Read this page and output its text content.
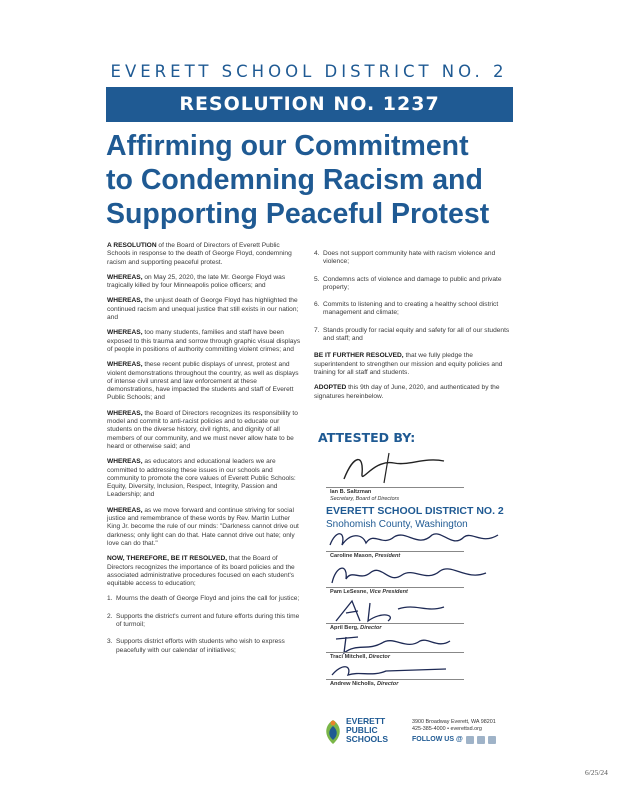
EVERETT SCHOOL DISTRICT NO. 2
RESOLUTION NO. 1237
Affirming our Commitment
to Condemning Racism and
Supporting Peaceful Protest

A RESOLUTION of the Board of Directors of Everett Public Schools in response to the death of George Floyd, condemning racism and supporting peaceful protest.

WHEREAS, on May 25, 2020, the late Mr. George Floyd was tragically killed by four Minneapolis police officers; and

WHEREAS, the unjust death of George Floyd has highlighted the continued racism and unequal justice that still exists in our nation; and

WHEREAS, too many students, families and staff have been exposed to this trauma and sorrow through graphic visual displays of people in positions of authority committing violent crimes; and

WHEREAS, these recent public displays of unrest, protest and violent demonstrations throughout the country, as well as displays of intense civil unrest and law enforcement at these demonstrations, have impacted the students and staff of Everett Public Schools; and

WHEREAS, the Board of Directors recognizes its responsibility to model and commit to anti-racist policies and to educate our students on the diverse history, civil rights, and dignity of all members of our community, and we must never allow hate to be heard or otherwise said; and

WHEREAS, as educators and educational leaders we are committed to addressing these issues in our schools and community to promote the core values of Everett Public Schools: Equity, Diversity, Inclusion, Respect, Integrity, Passion and Leadership; and

WHEREAS, as we move forward and continue striving for social justice and remembrance of these words by Rev. Martin Luther King Jr. become the rule of our minds: "Darkness cannot drive out darkness; only light can do that. Hate cannot drive out hate; only love can do that."

NOW, THEREFORE, BE IT RESOLVED, that the Board of Directors recognizes the importance of its board policies and the associated administrative procedures focused on each student's equitable access to education;

1. Mourns the death of George Floyd and joins the call for justice;
2. Supports the district's current and future efforts during this time of turmoil;
3. Supports district efforts with students who wish to express peacefully with our calendar of initiatives;
4. Does not support community hate with racism violence and violence;
5. Condemns acts of violence and damage to public and private property;
6. Commits to listening and to creating a healthy school district management and climate;
7. Stands proudly for racial equity and safety for all of our students and staff; and

BE IT FURTHER RESOLVED, that we fully pledge the superintendent to strengthen our mission and equity policies and training for all staff and students.

ADOPTED this 9th day of June, 2020, and authenticated by the signatures hereinbelow.

ATTESTED BY:
Ian B. Saltzman
Secretary, Board of Directors
EVERETT SCHOOL DISTRICT NO. 2
Snohomish County, Washington
Caroline Mason, President
Pam LeSesne, Vice President
April Berg, Director
Traci Mitchell, Director
Andrew Nicholls, Director
EVERETT
PUBLIC
SCHOOLS
3900 Broadway Everett, WA 98201
425-385-4000 • everettsd.org
FOLLOW US @
6/25/24
